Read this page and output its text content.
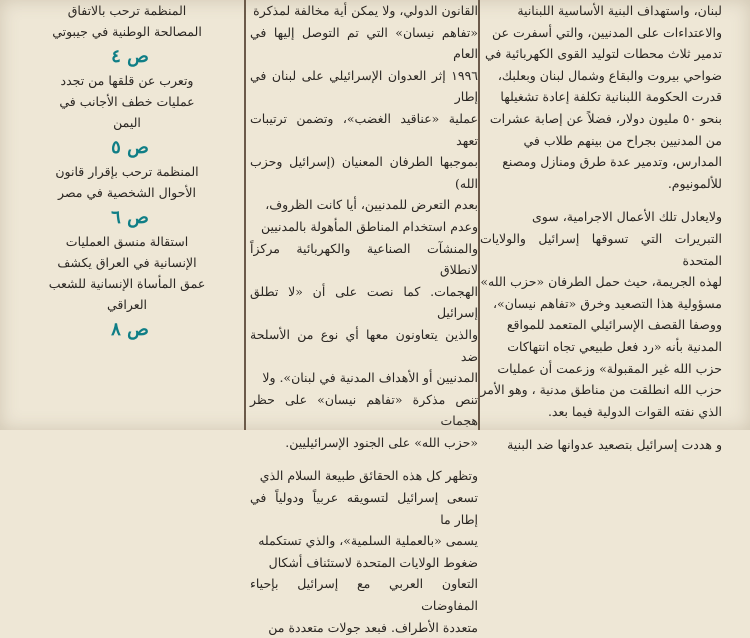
لبنان، واستهداف البنية الأساسية اللبنانية

والاعتداءات على المدنيين، والتي أسفرت عن

تدمير ثلاث محطات لتوليد القوى الكهربائية في

ضواحي بيروت والبقاع وشمال لبنان وبعلبك،

قدرت الحكومة اللبنانية تكلفة إعادة تشغيلها

بنحو ٥٠ مليون دولار، فضلاً عن إصابة عشرات

من المدنيين بجراح من بينهم طلاب في

المدارس، وتدمير عدة طرق ومنازل ومصنع

للألمونيوم.

ولايعادل تلك الأعمال الاجرامية، سوى

التبريرات التي تسوقها إسرائيل والولايات المتحدة

لهذه الجريمة، حيث حمل الطرفان «حزب الله»

مسؤولية هذا التصعيد وخرق «تفاهم نيسان»،

ووصفا القصف الإسرائيلي المتعمد للمواقع

المدنية بأنه «رد فعل طبيعي تجاه انتهاكات

حزب الله غير المقبولة» وزعمت أن عمليات

حزب الله انطلقت من مناطق مدنية ، وهو الأمر

الذي نفته القوات الدولية فيما بعد.

و هددت إسرائيل بتصعيد عدوانها ضد البنية

القانون الدولي، ولا يمكن أية مخالفة لمذكرة

«تفاهم نيسان» التي تم التوصل إليها في العام

١٩٩٦ إثر العدوان الإسرائيلي على لبنان في إطار

عملية «عناقيد الغضب»، وتضمن ترتيبات تعهد

بموجبها الطرفان المعنيان (إسرائيل وحزب الله)

بعدم التعرض للمدنيين، أيا كانت الظروف،

وعدم استخدام المناطق المأهولة بالمدنيين

والمنشآت الصناعية والكهربائية مركزاً لانطلاق

الهجمات. كما نصت على أن «لا تطلق إسرائيل

والذين يتعاونون معها أي نوع من الأسلحة ضد

المدنيين أو الأهداف المدنية في لبنان». ولا

تنص مذكرة «تفاهم نيسان» على حظر هجمات

«حزب الله» على الجنود الإسرائيليين.

وتظهر كل هذه الحقائق طبيعة السلام الذي

تسعى إسرائيل لتسويقه عربياً ودولياً في إطار ما

يسمى «بالعملية السلمية»، والذي تستكمله

ضغوط الولايات المتحدة لاستئناف أشكال

التعاون العربي مع إسرائيل بإحياء المفاوضات

متعددة الأطراف. فبعد جولات متعددة من

المنظمة ترحب بالاتفاق

المصالحة الوطنية في جيبوتي

ص ٤

وتعرب عن قلقها من تجدد

عمليات خطف الأجانب في

اليمن

ص ٥

المنظمة ترحب بإقرار قانون

الأحوال الشخصية في مصر

ص ٦

استقالة منسق العمليات

الإنسانية في العراق يكشف

عمق المأساة الإنسانية للشعب

العراقي

ص ٨
